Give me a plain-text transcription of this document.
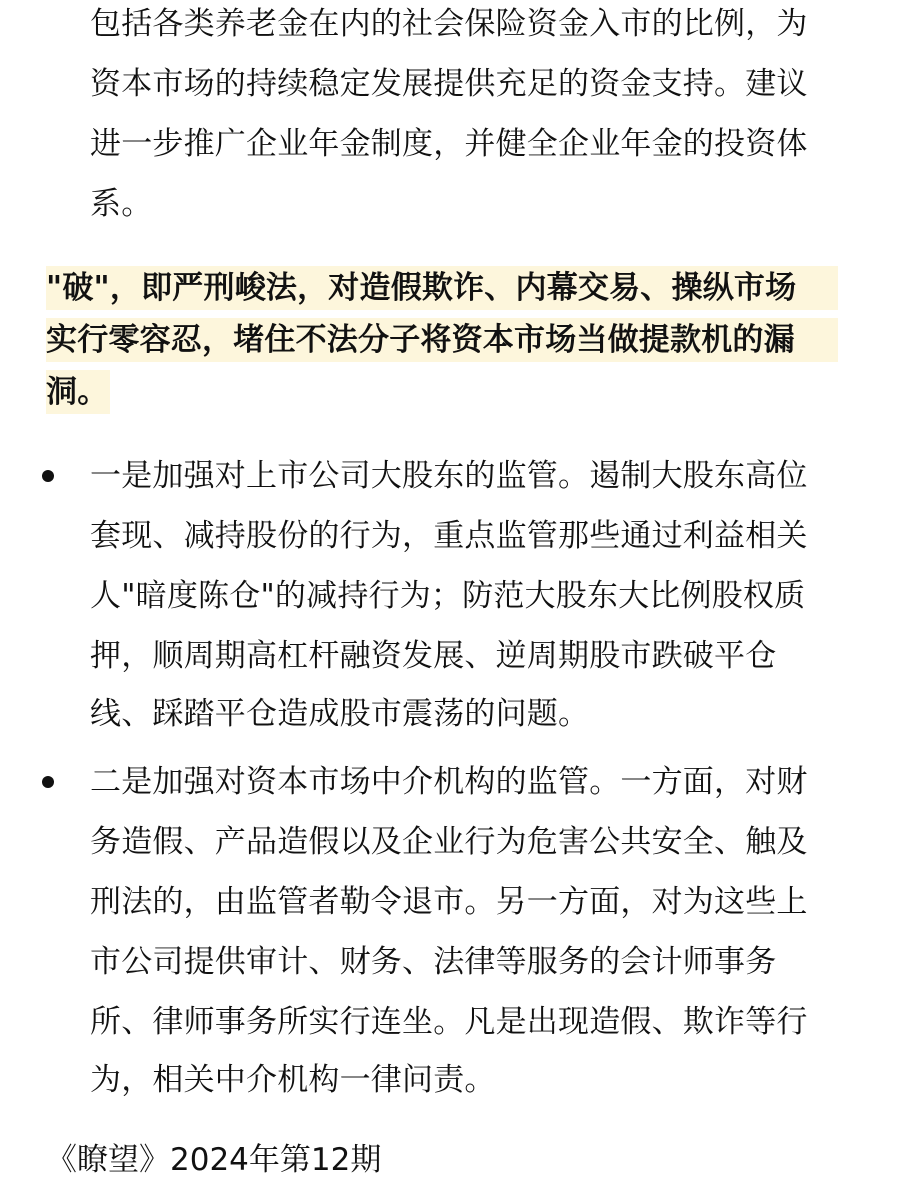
包括各类养老金在内的社会保险资金入市的比例，为
资本市场的持续稳定发展提供充足的资金支持。建议
进一步推广企业年金制度，并健全企业年金的投资体
系。
"破"，即严刑峻法，对造假欺诈、内幕交易、操纵市场
实行零容忍，堵住不法分子将资本市场当做提款机的漏
洞。
一是加强对上市公司大股东的监管。遏制大股东高位
套现、减持股份的行为，重点监管那些通过利益相关
人"暗度陈仓"的减持行为；防范大股东大比例股权质
押，顺周期高杠杆融资发展、逆周期股市跌破平仓
线、踩踏平仓造成股市震荡的问题。
二是加强对资本市场中介机构的监管。一方面，对财
务造假、产品造假以及企业行为危害公共安全、触及
刑法的，由监管者勒令退市。另一方面，对为这些上
市公司提供审计、财务、法律等服务的会计师事务
所、律师事务所实行连坐。凡是出现造假、欺诈等行
为，相关中介机构一律问责。
《瞭望》2024年第12期
